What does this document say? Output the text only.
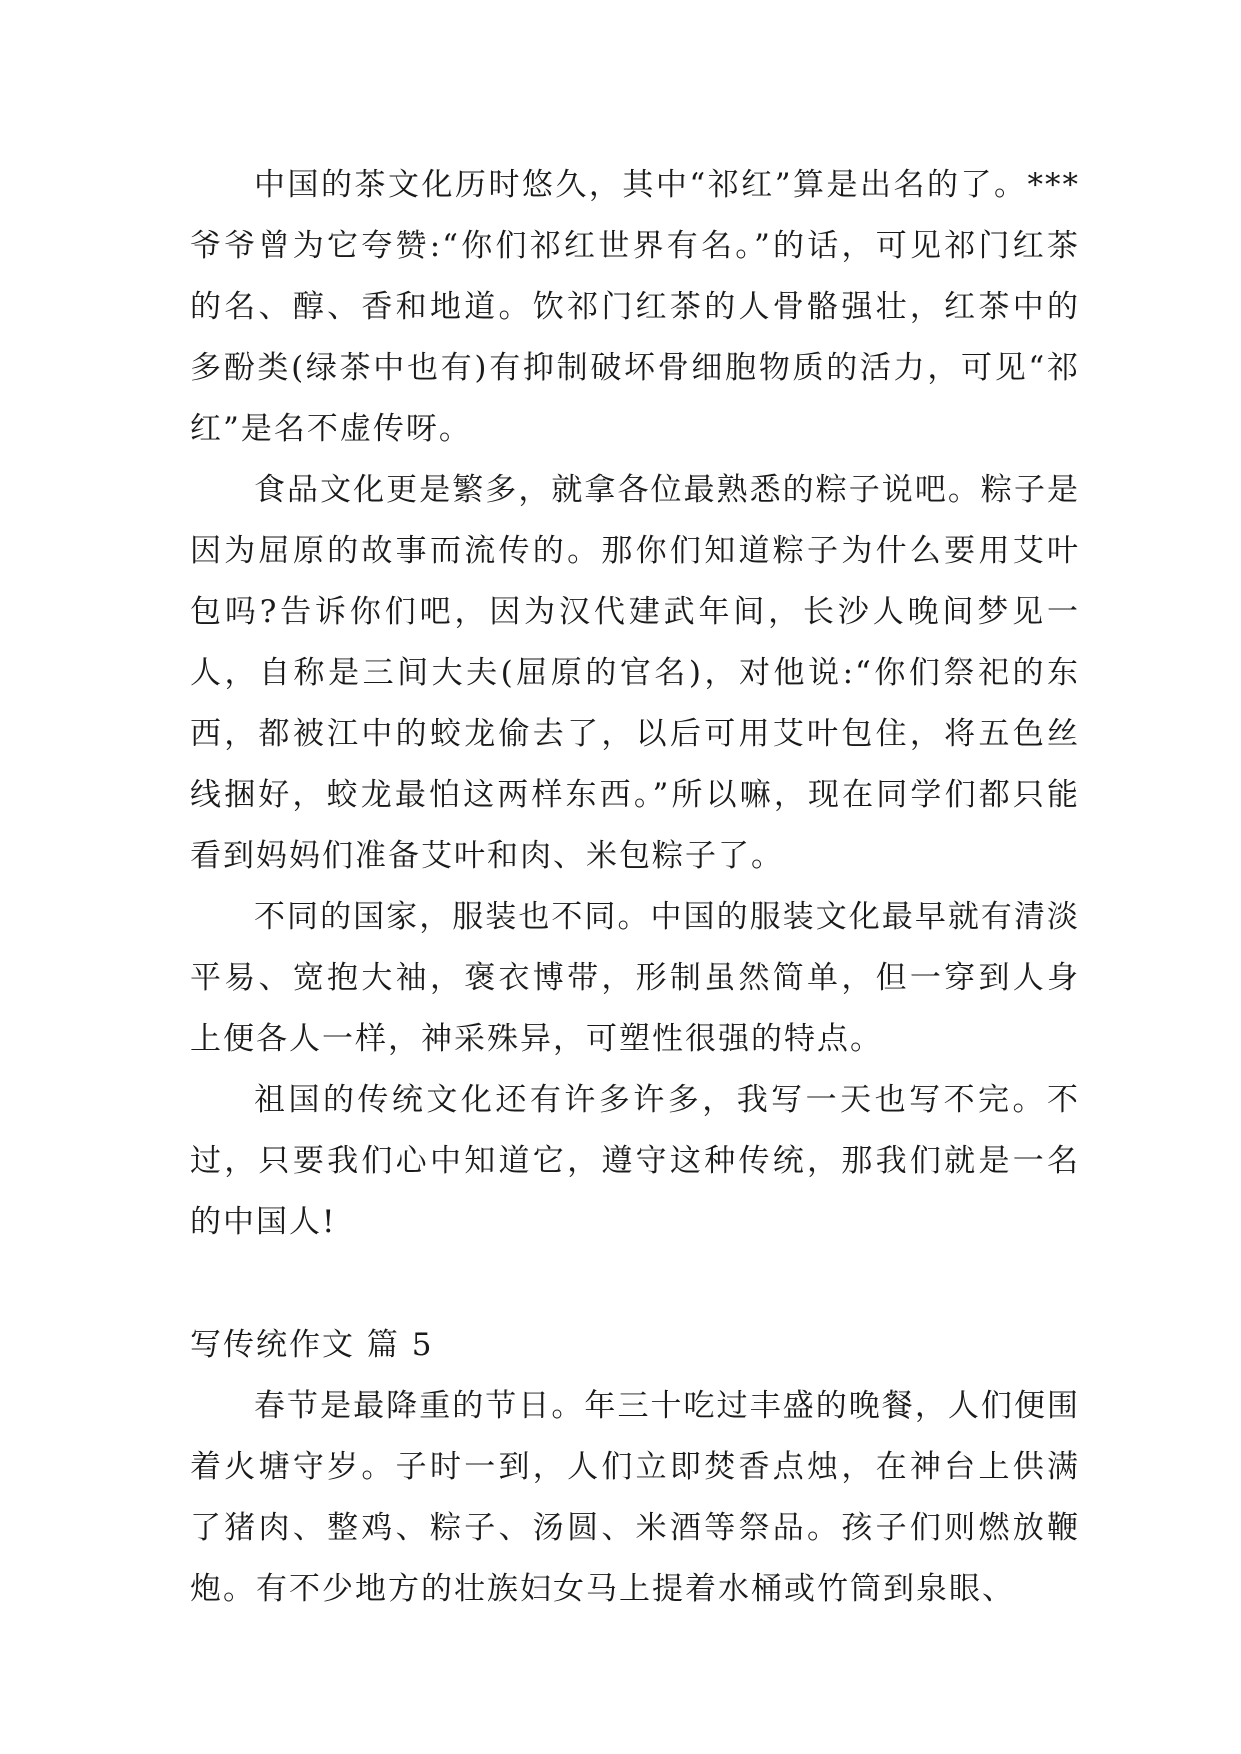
中国的茶文化历时悠久，其中“祁红”算是出名的了。***爷爷曾为它夸赞:“你们祁红世界有名。”的话，可见祁门红茶的名、醇、香和地道。饮祁门红茶的人骨骼强壮，红茶中的多酚类(绿茶中也有)有抑制破坏骨细胞物质的活力，可见“祁红”是名不虚传呀。

食品文化更是繁多，就拿各位最熟悉的粽子说吧。粽子是因为屈原的故事而流传的。那你们知道粽子为什么要用艾叶包吗?告诉你们吧，因为汉代建武年间，长沙人晚间梦见一人，自称是三间大夫(屈原的官名)，对他说:“你们祭祀的东西，都被江中的蛟龙偷去了，以后可用艾叶包住，将五色丝线捆好，蛟龙最怕这两样东西。”所以嘛，现在同学们都只能看到妈妈们准备艾叶和肉、米包粽子了。

不同的国家，服装也不同。中国的服装文化最早就有清淡平易、宽抱大袖，褒衣博带，形制虽然简单，但一穿到人身上便各人一样，神采殊异，可塑性很强的特点。

祖国的传统文化还有许多许多，我写一天也写不完。不过，只要我们心中知道它，遵守这种传统，那我们就是一名的中国人!

写传统作文 篇 5

春节是最降重的节日。年三十吃过丰盛的晚餐，人们便围着火塘守岁。子时一到，人们立即焚香点烛，在神台上供满了猪肉、整鸡、粽子、汤圆、米酒等祭品。孩子们则燃放鞭炮。有不少地方的壮族妇女马上提着水桶或竹筒到泉眼、
